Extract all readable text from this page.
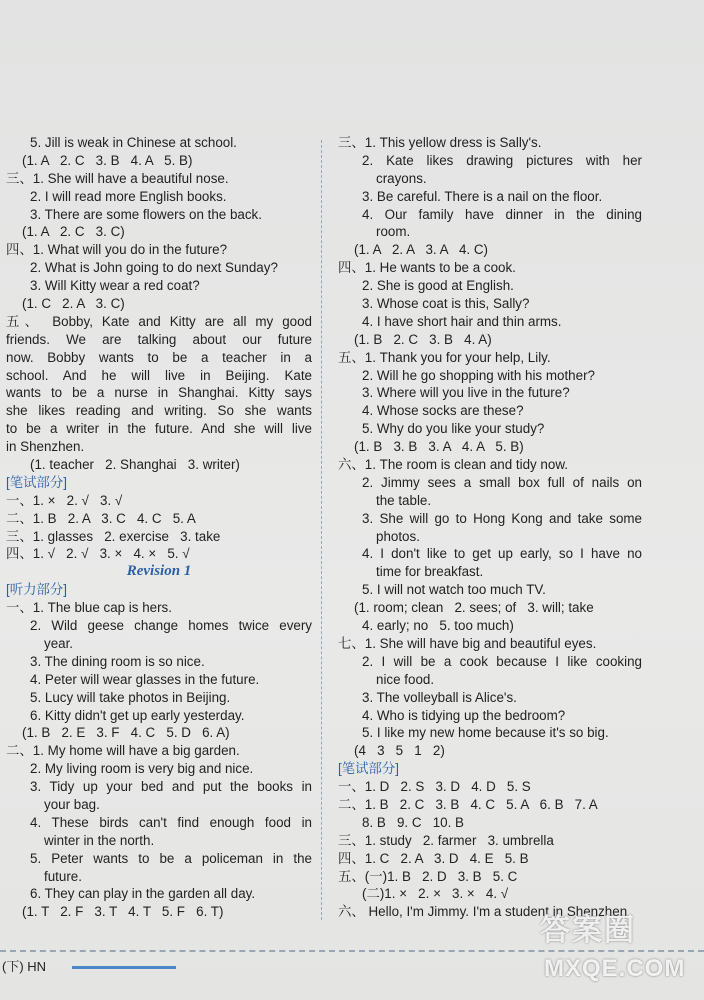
5. Jill is weak in Chinese at school.
(1. A   2. C   3. B   4. A   5. B)
三、1. She will have a beautiful nose.
2. I will read more English books.
3. There are some flowers on the back.
(1. A   2. C   3. C)
四、1. What will you do in the future?
2. What is John going to do next Sunday?
3. Will Kitty wear a red coat?
(1. C   2. A   3. C)
五、 Bobby, Kate and Kitty are all my good
friends. We are talking about our future
now. Bobby wants to be a teacher in a
school. And he will live in Beijing. Kate
wants to be a nurse in Shanghai. Kitty says
she likes reading and writing. So she wants
to be a writer in the future. And she will live
in Shenzhen.
(1. teacher   2. Shanghai   3. writer)
[笔试部分]
一、1. ×   2. √   3. √
二、1. B   2. A   3. C   4. C   5. A
三、1. glasses   2. exercise   3. take
四、1. √   2. √   3. ×   4. ×   5. √
Revision 1
[听力部分]
一、1. The blue cap is hers.
2. Wild geese change homes twice every
year.
3. The dining room is so nice.
4. Peter will wear glasses in the future.
5. Lucy will take photos in Beijing.
6. Kitty didn't get up early yesterday.
(1. B   2. E   3. F   4. C   5. D   6. A)
二、1. My home will have a big garden.
2. My living room is very big and nice.
3. Tidy up your bed and put the books in
your bag.
4. These birds can't find enough food in
winter in the north.
5. Peter wants to be a policeman in the
future.
6. They can play in the garden all day.
(1. T   2. F   3. T   4. T   5. F   6. T)
三、1. This yellow dress is Sally's.
2. Kate likes drawing pictures with her
crayons.
3. Be careful. There is a nail on the floor.
4. Our family have dinner in the dining
room.
(1. A   2. A   3. A   4. C)
四、1. He wants to be a cook.
2. She is good at English.
3. Whose coat is this, Sally?
4. I have short hair and thin arms.
(1. B   2. C   3. B   4. A)
五、1. Thank you for your help, Lily.
2. Will he go shopping with his mother?
3. Where will you live in the future?
4. Whose socks are these?
5. Why do you like your study?
(1. B   3. B   3. A   4. A   5. B)
六、1. The room is clean and tidy now.
2. Jimmy sees a small box full of nails on
the table.
3. She will go to Hong Kong and take some
photos.
4. I don't like to get up early, so I have no
time for breakfast.
5. I will not watch too much TV.
(1. room; clean   2. sees; of   3. will; take
4. early; no   5. too much)
七、1. She will have big and beautiful eyes.
2. I will be a cook because I like cooking
nice food.
3. The volleyball is Alice's.
4. Who is tidying up the bedroom?
5. I like my new home because it's so big.
(4   3   5   1   2)
[笔试部分]
一、1. D   2. S   3. D   4. D   5. S
二、1. B   2. C   3. B   4. C   5. A   6. B   7. A
8. B   9. C   10. B
三、1. study   2. farmer   3. umbrella
四、1. C   2. A   3. D   4. E   5. B
五、(一)1. B   2. D   3. B   5. C
(二)1. ×   2. ×   3. ×   4. √
六、 Hello, I'm Jimmy. I'm a student in Shenzhen
(下) HN
答案圈
MXQE.COM
